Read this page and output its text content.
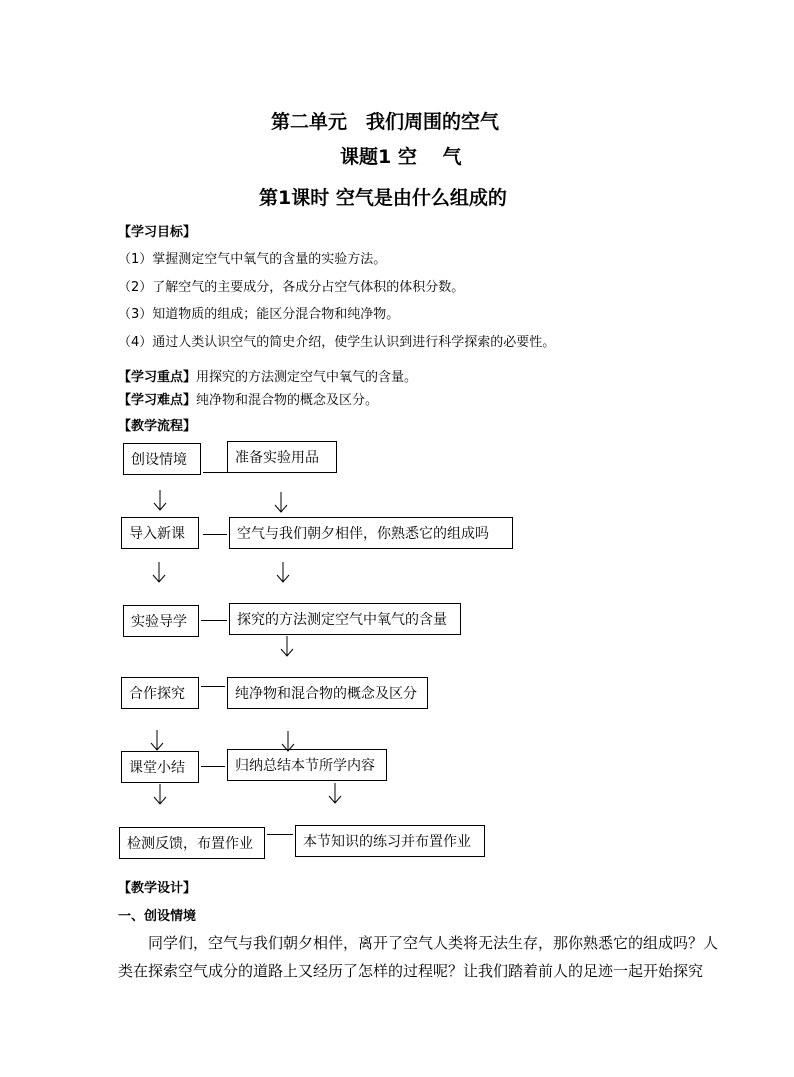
第二单元　我们周围的空气
课题1 空　 气
第1课时 空气是由什么组成的
【学习目标】
（1）掌握测定空气中氧气的含量的实验方法。
（2）了解空气的主要成分，各成分占空气体积的体积分数。
（3）知道物质的组成；能区分混合物和纯净物。
（4）通过人类认识空气的简史介绍，使学生认识到进行科学探索的必要性。
【学习重点】用探究的方法测定空气中氧气的含量。
【学习难点】纯净物和混合物的概念及区分。
【教学流程】
创设情境
导入新课
实验导学
合作探究
课堂小结
检测反馈，布置作业
准备实验用品
空气与我们朝夕相伴，你熟悉它的组成吗
探究的方法测定空气中氧气的含量
纯净物和混合物的概念及区分
归纳总结本节所学内容
本节知识的练习并布置作业
【教学设计】
一、创设情境
　　同学们，空气与我们朝夕相伴，离开了空气人类将无法生存，那你熟悉它的组成吗？人
类在探索空气成分的道路上又经历了怎样的过程呢？让我们踏着前人的足迹一起开始探究
